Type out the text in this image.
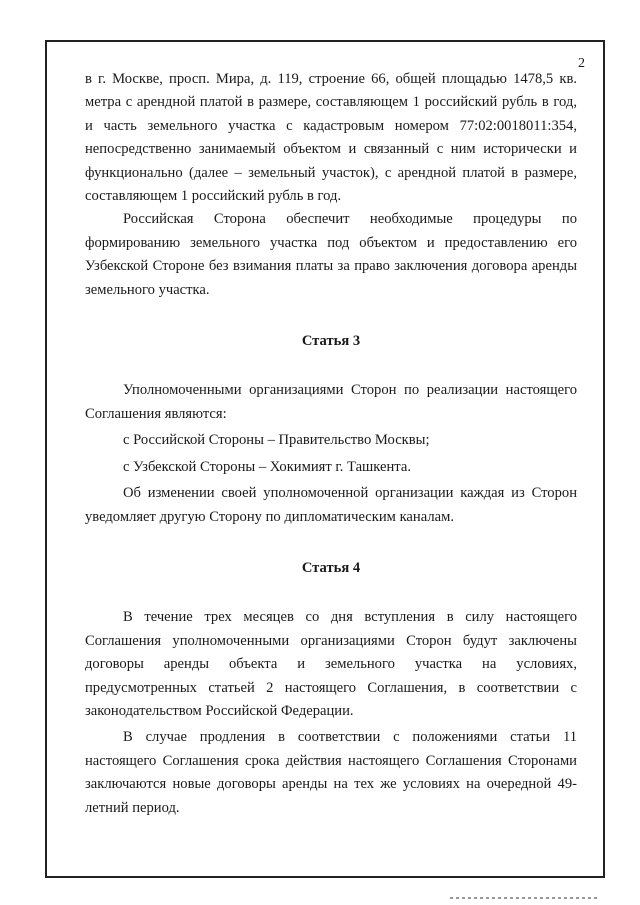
2

в г. Москве, просп. Мира, д. 119, строение 66, общей площадью 1478,5 кв. метра с арендной платой в размере, составляющем 1 российский рубль в год, и часть земельного участка с кадастровым номером 77:02:0018011:354, непосредственно занимаемый объектом и связанный с ним исторически и функционально (далее – земельный участок), с арендной платой в размере, составляющем 1 российский рубль в год.

Российская Сторона обеспечит необходимые процедуры по формированию земельного участка под объектом и предоставлению его Узбекской Стороне без взимания платы за право заключения договора аренды земельного участка.

Статья 3

Уполномоченными организациями Сторон по реализации настоящего Соглашения являются:

с Российской Стороны – Правительство Москвы;

с Узбекской Стороны – Хокимият г. Ташкента.

Об изменении своей уполномоченной организации каждая из Сторон уведомляет другую Сторону по дипломатическим каналам.

Статья 4

В течение трех месяцев со дня вступления в силу настоящего Соглашения уполномоченными организациями Сторон будут заключены договоры аренды объекта и земельного участка на условиях, предусмотренных статьей 2 настоящего Соглашения, в соответствии с законодательством Российской Федерации.

В случае продления в соответствии с положениями статьи 11 настоящего Соглашения срока действия настоящего Соглашения Сторонами заключаются новые договоры аренды на тех же условиях на очередной 49-летний период.
